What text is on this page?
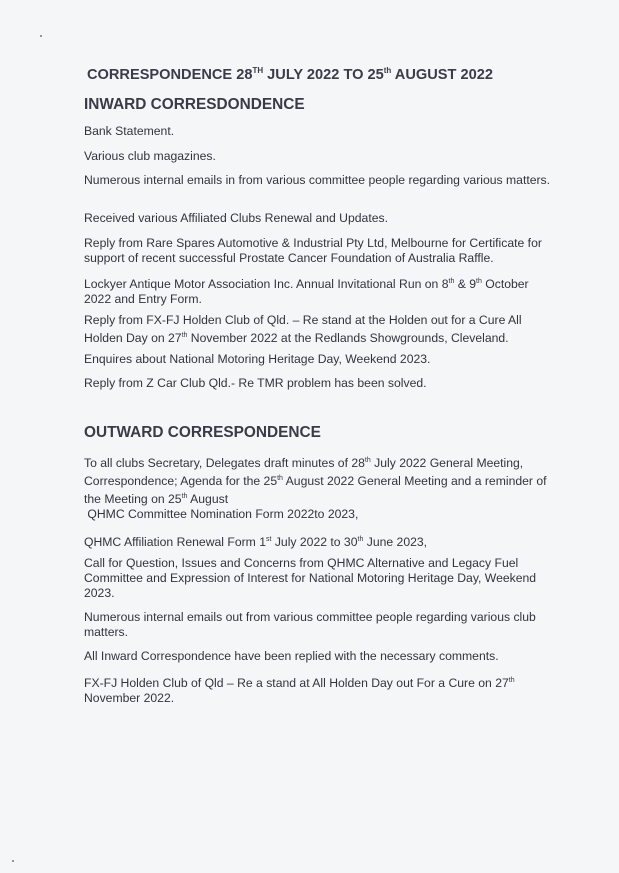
CORRESPONDENCE 28TH JULY 2022 TO 25th AUGUST 2022
INWARD CORRESDONDENCE
Bank Statement.
Various club magazines.
Numerous internal emails in from various committee people regarding various matters.
Received various Affiliated Clubs Renewal and Updates.
Reply from Rare Spares Automotive & Industrial Pty Ltd, Melbourne for Certificate for support of recent successful Prostate Cancer Foundation of Australia Raffle.
Lockyer Antique Motor Association Inc. Annual Invitational Run on 8th & 9th October 2022 and Entry Form.
Reply from FX-FJ Holden Club of Qld. – Re stand at the Holden out for a Cure All Holden Day on 27th November 2022 at the Redlands Showgrounds, Cleveland.
Enquires about National Motoring Heritage Day, Weekend 2023.
Reply from Z Car Club Qld.- Re TMR problem has been solved.
OUTWARD CORRESPONDENCE
To all clubs Secretary, Delegates draft minutes of 28th July 2022 General Meeting, Correspondence; Agenda for the 25th August 2022 General Meeting and a reminder of the Meeting on 25th August
QHMC Committee Nomination Form 2022to 2023,
QHMC Affiliation Renewal Form 1st July 2022 to 30th June 2023,
Call for Question, Issues and Concerns from QHMC Alternative and Legacy Fuel Committee and Expression of Interest for National Motoring Heritage Day, Weekend 2023.
Numerous internal emails out from various committee people regarding various club matters.
All Inward Correspondence have been replied with the necessary comments.
FX-FJ Holden Club of Qld – Re a stand at All Holden Day out For a Cure on 27th November 2022.
